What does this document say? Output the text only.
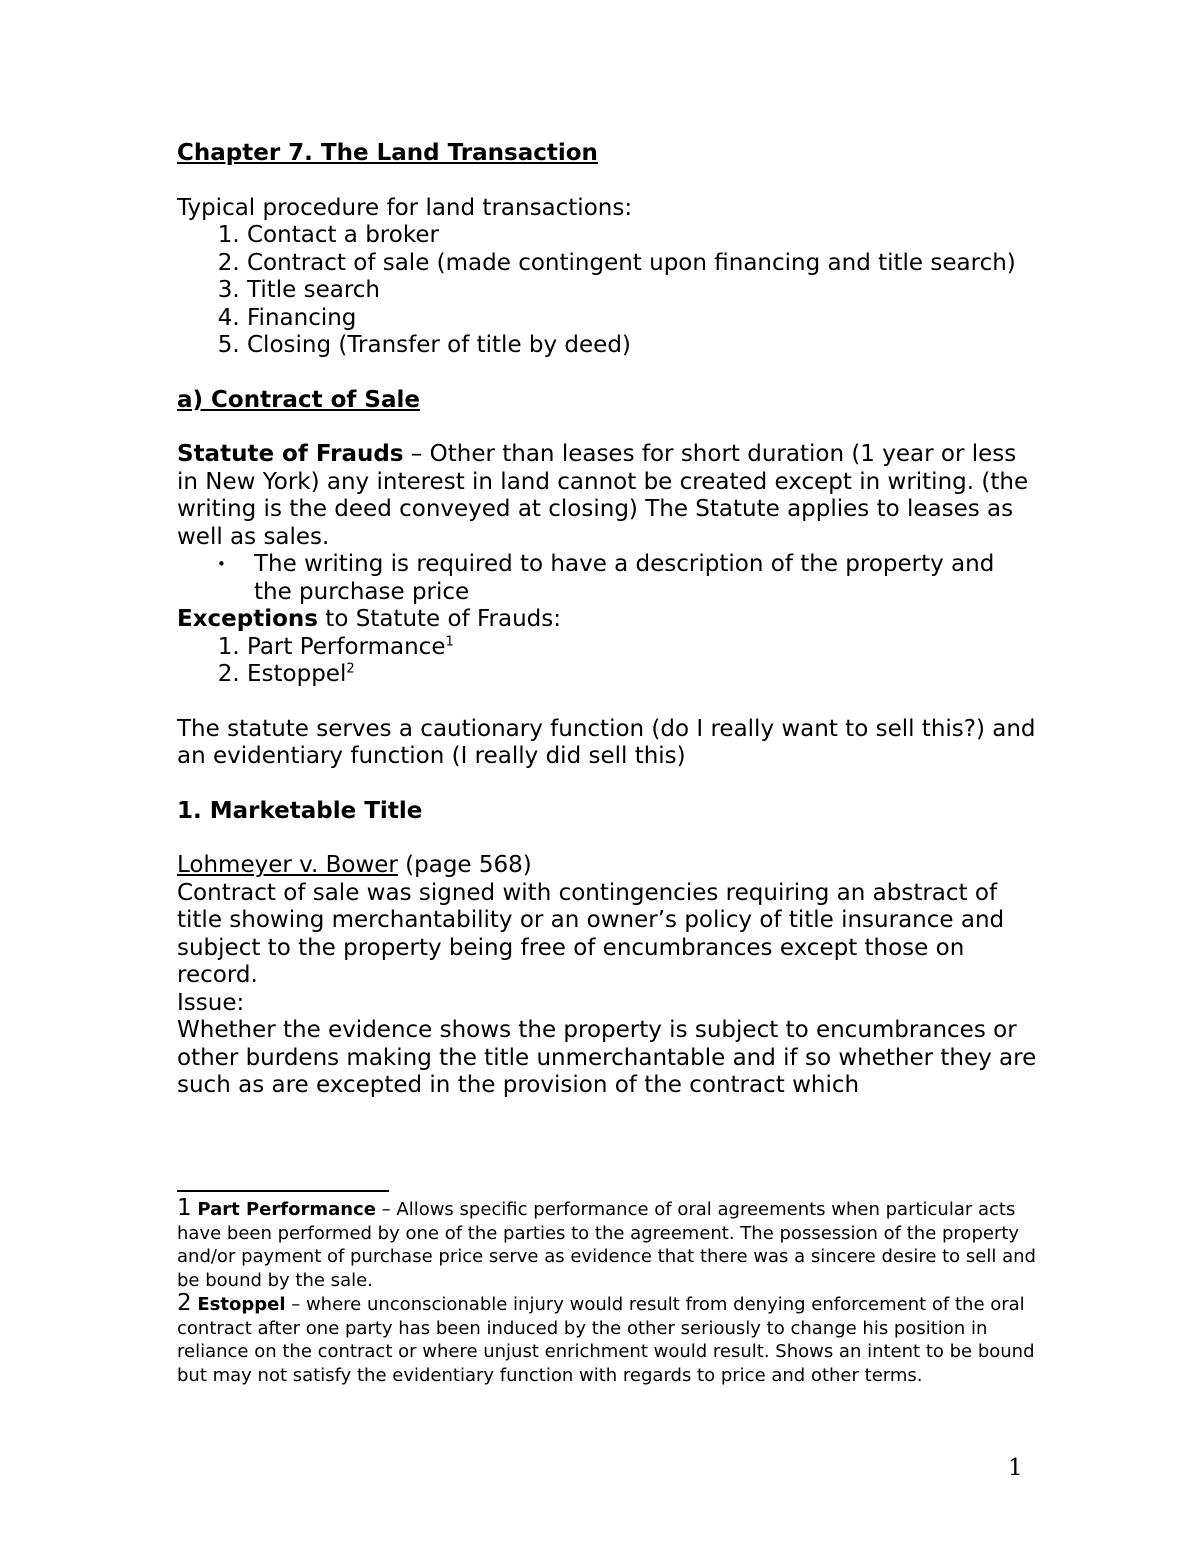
Chapter 7. The Land Transaction

Typical procedure for land transactions:

1. Contact a broker
2. Contract of sale (made contingent upon financing and title search)
3. Title search
4. Financing
5. Closing (Transfer of title by deed)

a) Contract of Sale

Statute of Frauds – Other than leases for short duration (1 year or less in New York) any interest in land cannot be created except in writing. (the writing is the deed conveyed at closing) The Statute applies to leases as well as sales.

• The writing is required to have a description of the property and the purchase price

Exceptions to Statute of Frauds:

1. Part Performance$^1$
2. Estoppel$^2$

The statute serves a cautionary function (do I really want to sell this?) and an evidentiary function (I really did sell this)

1. Marketable Title

Lohmeyer v. Bower (page 568)

Contract of sale was signed with contingencies requiring an abstract of title showing merchantability or an owner’s policy of title insurance and subject to the property being free of encumbrances except those on record.

Issue:

Whether the evidence shows the property is subject to encumbrances or other burdens making the title unmerchantable and if so whether they are such as are excepted in the provision of the contract which

1 Part Performance – Allows specific performance of oral agreements when particular acts have been performed by one of the parties to the agreement. The possession of the property and/or payment of purchase price serve as evidence that there was a sincere desire to sell and be bound by the sale.

2 Estoppel – where unconscionable injury would result from denying enforcement of the oral contract after one party has been induced by the other seriously to change his position in reliance on the contract or where unjust enrichment would result. Shows an intent to be bound but may not satisfy the evidentiary function with regards to price and other terms.

1
